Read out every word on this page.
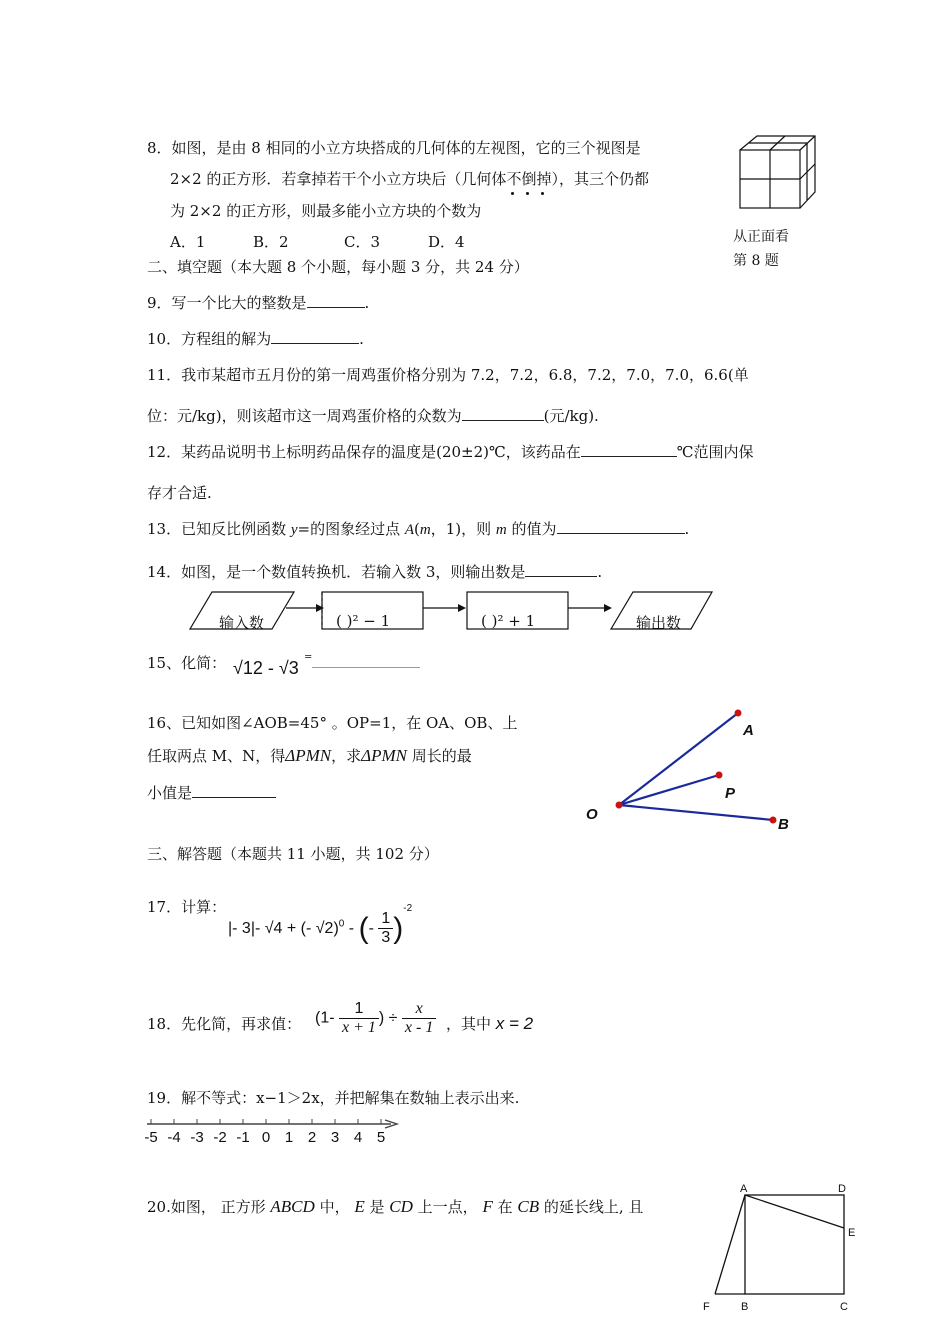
8．如图，是由 8 相同的小立方块搭成的几何体的左视图，它的三个视图是
2×2 的正方形．若拿掉若干个小立方块后（几何体不倒掉
），其三个仍都
为 2×2 的正方形，则最多能小立方块的个数为
A．1	B．2	C．3	D．4	从正面看
第 8 题
二、填空题（本大题 8 个小题，每小题 3 分，共 24 分）
9．写一个比大的整数是	.
10．方程组的解为	.
11．我市某超市五月份的第一周鸡蛋价格分别为 7.2，7.2，6.8，7.2，7.0，7.0，6.6(单
位：元/kg)，则该超市这一周鸡蛋价格的众数为	(元/kg).
12．某药品说明书上标明药品保存的温度是(20±2)℃，该药品在	℃范围内保
存才合适.
13．已知反比例函数 y=的图象经过点 A(m，1)，则 m 的值为	.
14．如图，是一个数值转换机．若输入数 3，则输出数是	.
输入数	( )² − 1	( )² + 1	输出数
15、化简： √12 - √3
=
16、已知如图∠AOB=45° 。OP=1，在 OA、OB、上
任取两点 M、N，得ΔPMN，求ΔPMN 周长的最
小值是
A
P
O
B
三、解答题（本题共 11 小题，共 102 分）
17．计算：
|- 3|- √4 + (- √2)$^0$ - (- $\frac{1}{3} )^{-2}$
18．先化简，再求值： ($1- \frac{1}{x + 1}$ ) ÷ $\frac{x}{x - 1}$ ，其中 x = 2
19．解不等式：x−1＞2x，并把解集在数轴上表示出来.
-5 -4 -3 -2 -1 0 1 2 3 4 5
20.如图， 正方形 ABCD 中， E 是 CD 上一点， F 在 CB 的延长线上, 且
A	D
E
F	B	C
